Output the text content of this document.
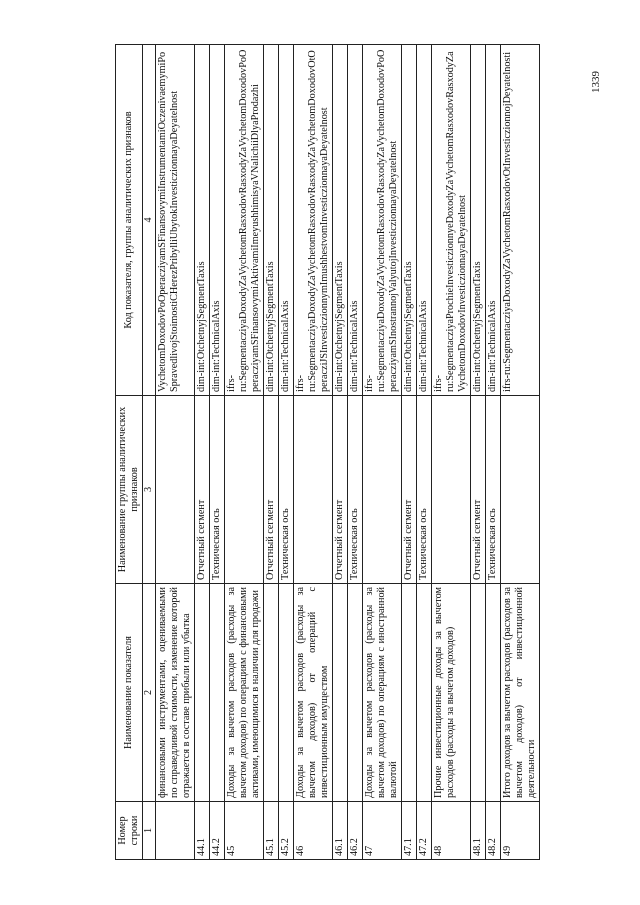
1339
Номер строки	Наименование показателя	Наименование группы аналитических признаков	Код показателя, группы аналитических признаков
1	2	3	4
	финансовыми инструментами, оцениваемыми по справедливой стоимости, изменение которой отражается в составе прибыли или убытка		VychetomDoxodovPoOperacziyamSFinansovymiInstrumentamiOczenivaemymiPoSpravedlivojStoimostiCHerezPribylliUbytokInvesticzionnayaDeyatelnost
44.1		Отчетный сегмент	dim-int:OtchetnyjSegmentTaxis
44.2		Техническая ось	dim-int:TechnicalAxis
45	Доходы за вычетом расходов (расходы за вычетом доходов) по операциям с финансовыми активами, имеющимися в наличии для продажи		ifrs-ru:SegmentacziyaDoxodyZaVychetomRasxodovRasxodyZaVychetomDoxodovPoOperacziyamSFinansovymiAktivamiImeyushhimisyaVNalichiiDlyaProdazhi
45.1		Отчетный сегмент	dim-int:OtchetnyjSegmentTaxis
45.2		Техническая ось	dim-int:TechnicalAxis
46	Доходы за вычетом расходов (расходы за вычетом доходов) от операций с инвестиционным имуществом		ifrs-ru:SegmentacziyaDoxodyZaVychetomRasxodovRasxodyZaVychetomDoxodovOtOperacziJSInvesticzionnymImushhestvomInvesticzionnayaDeyatelnost
46.1		Отчетный сегмент	dim-int:OtchetnyjSegmentTaxis
46.2		Техническая ось	dim-int:TechnicalAxis
47	Доходы за вычетом расходов (расходы за вычетом доходов) по операциям с иностранной валютой		ifrs-ru:SegmentacziyaDoxodyZaVychetomRasxodovRasxodyZaVychetomDoxodovPoOperacziyamSInostrannojValyutojInvesticzionnayaDeyatelnost
47.1		Отчетный сегмент	dim-int:OtchetnyjSegmentTaxis
47.2		Техническая ось	dim-int:TechnicalAxis
48	Прочие инвестиционные доходы за вычетом расходов (расходы за вычетом доходов)		ifrs-ru:SegmentacziyaProchieInvesticzionnyeDoxodyZaVychetomRasxodovRasxodyZaVychetomDoxodovInvesticzionnayaDeyatelnost
48.1		Отчетный сегмент	dim-int:OtchetnyjSegmentTaxis
48.2		Техническая ось	dim-int:TechnicalAxis
49	Итого доходов за вычетом расходов (расходов за вычетом доходов) от инвестиционной деятельности		ifrs-ru:SegmentacziyaDoxodyZaVychetomRasxodovOtInvesticzionnojDeyatelnosti
